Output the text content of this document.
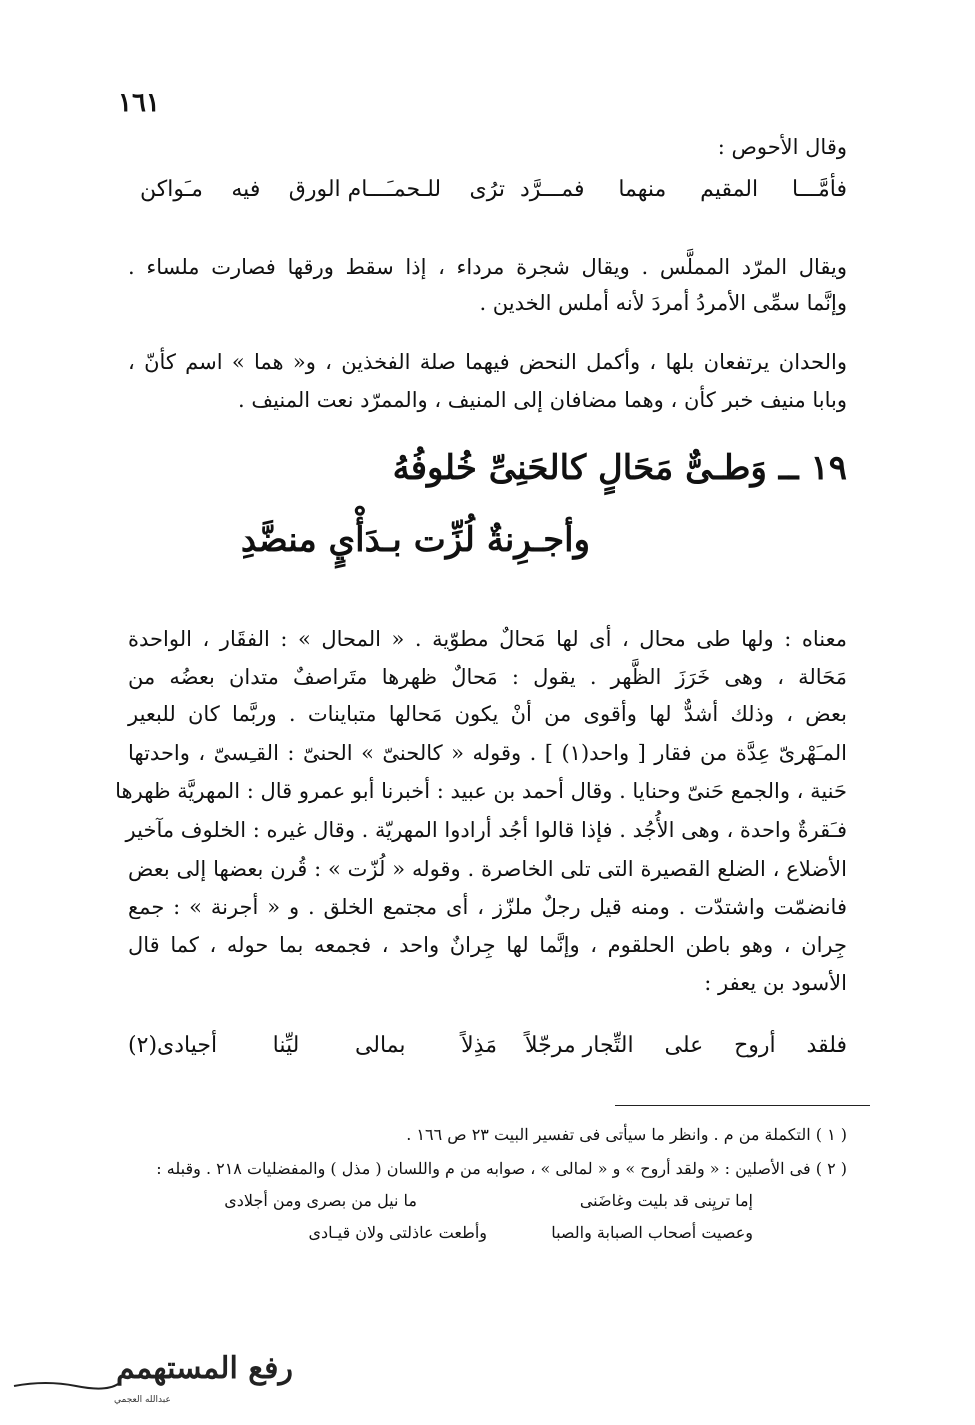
١٦١
وقال الأحوص :
فأمَّـــا
المقيم
منهما
فمـــرَّد
ترُى
للـحمـَـــام الورق
فيه
مـَواكن
ويقال المرّد المملَّس . ويقال شجرة مرداء ، إذا سقط ورقها فصارت ملساء .
وإنَّما سمِّى الأمردُ أمردَ لأنه أملس الخدين .
والحدان يرتفعان بلها ، وأكمل النحض فيهما صلة الفخذين ، و« هما » اسم كأنّ ،
وبابا منيف خبر كأن ، وهما مضافان إلى المنيف ، والممرّد نعت المنيف .
١٩ ــ وَطـىٌّ مَحَالٍ كالحَنِىِّ خُلوفُهُ
وأجـرِنةٌ لُزِّت بـدَأْيٍ منضَّدِ
معناه : ولها طى محال ، أى لها مَحالٌ مطوّية . « المحال » : الفقَار ، الواحدة
مَحَالة ، وهى خَرَزَ الظَّهر . يقول : مَحالٌ ظهرها متَراصفٌ متدان بعضُه من
بعض ، وذلك أشدٌّ لها وأقوى من أنْ يكون مَحالها متباينات . وربَّما كان للبعير
المـَهْرىّ عِدَّة من فقار [ واحد(١) ] . وقوله « كالحنىّ » الحنىّ : القـِسىّ ، واحدتها
حَنية ، والجمع حَنىّ وحنايا . وقال أحمد بن عبيد : أخبرنا أبو عمرو قال : المهريَّة ظهرها
فـَقرةٌ واحدة ، وهى الأُجُد . فإذا قالوا أجُد أرادوا المهريّة . وقال غيره : الخلوف مآخير
الأضلاع ، الضلع القصيرة التى تلى الخاصرة . وقوله « لُزّت » : قُرن بعضها إلى بعض
فانضمّت واشتدّت . ومنه قيل رجلٌ ملزّز ، أى مجتمع الخلق . و « أجرنة » : جمع
جِران ، وهو باطن الحلقوم ، وإنَّما لها جِرانٌ واحد ، فجمعه بما حوله ، كما قال
الأسود بن يعفر :
فلقد
أروح
على
التِّجار مرجّلاً
مَذِلاً
بمالى
ليِّنا
أجيادى(٢)
( ١ ) التكملة من م . وانظر ما سيأتى فى تفسير البيت ٢٣ ص ١٦٦ .
( ٢ ) فى الأصلين : « ولقد أروح » و « لمالى » ، صوابه من م واللسان ( مذل ) والمفضليات ٢١٨ . وقبله :
إما تريِنى قد بليت وغاضَنى
ما نيل من بصرى ومن أجلادى
وعصيت أصحاب الصبابة والصبا
وأطعت عاذلتى ولان قيـادى
رفع المستهمم
عبدالله العجمي
